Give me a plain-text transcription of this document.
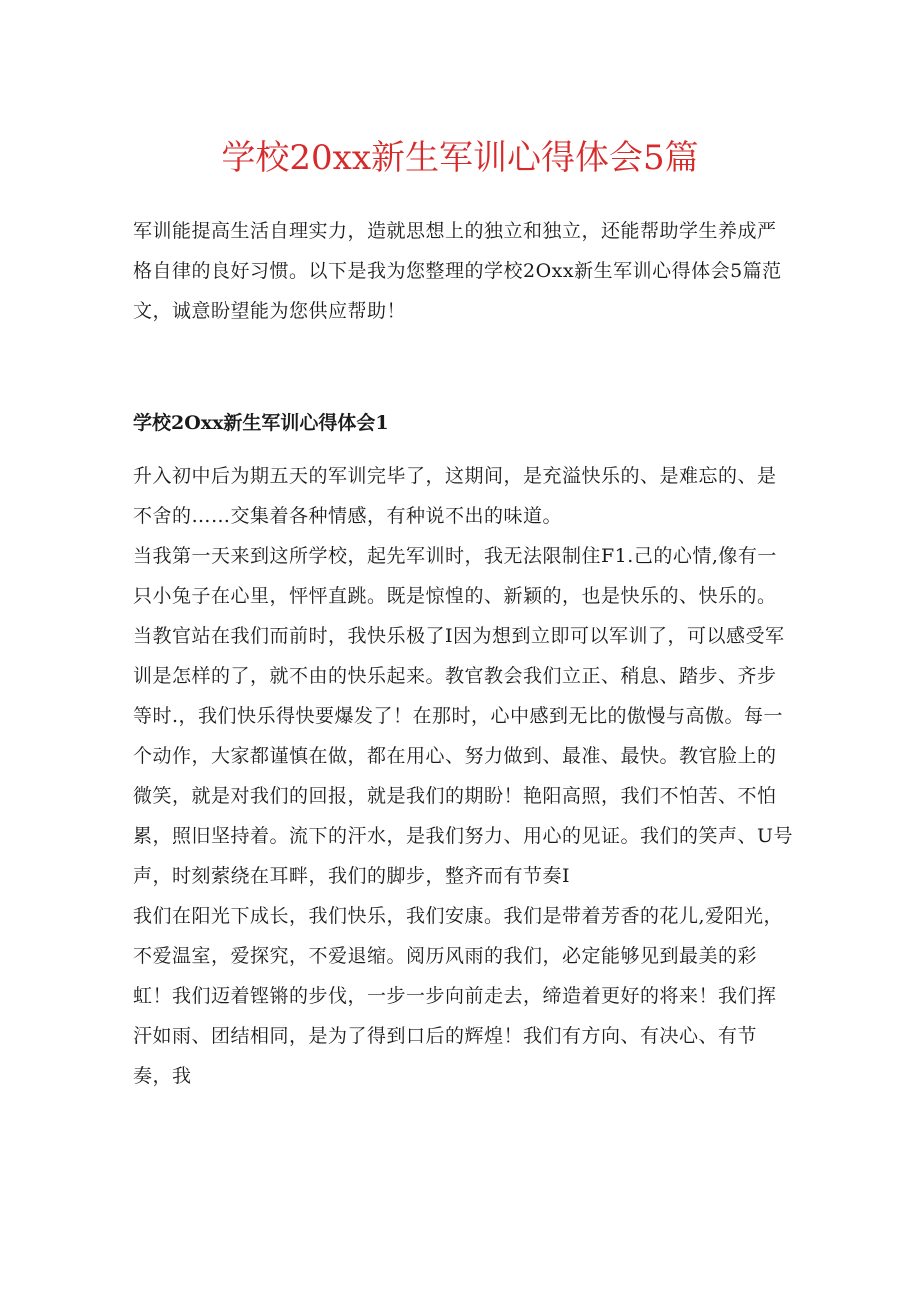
学校20xx新生军训心得体会5篇

军训能提高生活自理实力，造就思想上的独立和独立，还能帮助学生养成严格自律的良好习惯。以下是我为您整理的学校2Oxx新生军训心得体会5篇范文，诚意盼望能为您供应帮助！

学校2Oxx新生军训心得体会1

升入初中后为期五天的军训完毕了，这期间，是充溢快乐的、是难忘的、是不舍的……交集着各种情感，有种说不出的味道。

当我第一天来到这所学校，起先军训时，我无法限制住F1.己的心情,像有一只小兔子在心里，怦怦直跳。既是惊惶的、新颖的，也是快乐的、快乐的。当教官站在我们而前时，我快乐极了I因为想到立即可以军训了，可以感受军训是怎样的了，就不由的快乐起来。教官教会我们立正、稍息、踏步、齐步等时.，我们快乐得快要爆发了！在那时，心中感到无比的傲慢与高傲。每一个动作，大家都谨慎在做，都在用心、努力做到、最准、最快。教官脸上的微笑，就是对我们的回报，就是我们的期盼！艳阳高照，我们不怕苦、不怕累，照旧坚持着。流下的汗水，是我们努力、用心的见证。我们的笑声、U号声，时刻萦绕在耳畔，我们的脚步，整齐而有节奏I

我们在阳光下成长，我们快乐，我们安康。我们是带着芳香的花儿,爱阳光，不爱温室，爱探究，不爱退缩。阅历风雨的我们，必定能够见到最美的彩虹！我们迈着铿锵的步伐，一步一步向前走去，缔造着更好的将来！我们挥汗如雨、团结相同，是为了得到口后的辉煌！我们有方向、有决心、有节奏，我
